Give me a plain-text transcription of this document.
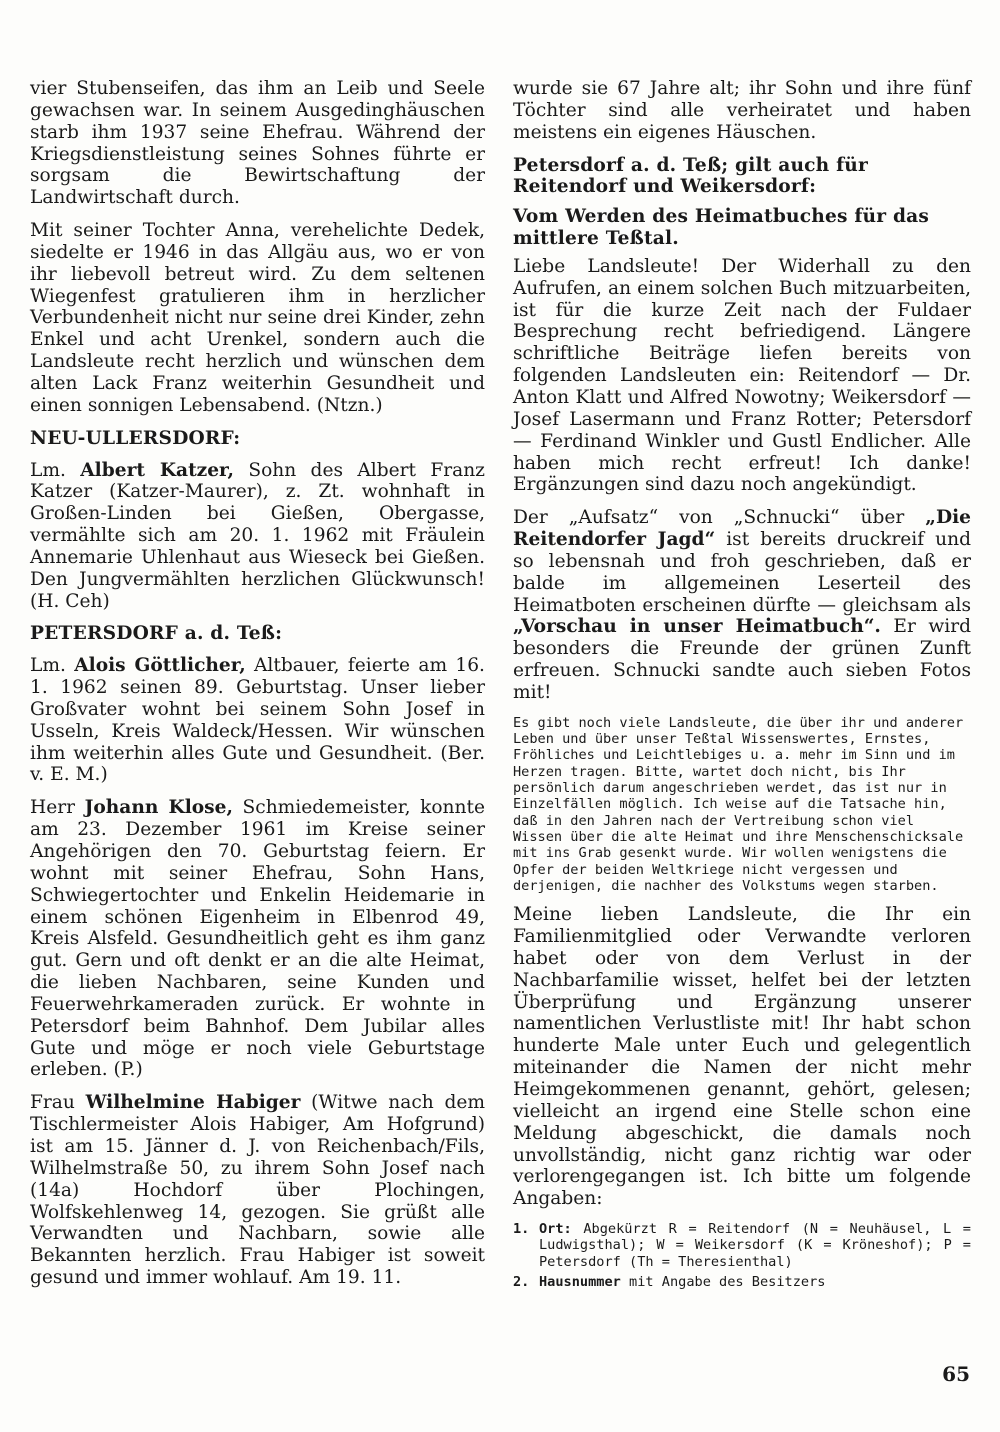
vier Stubenseifen, das ihm an Leib und Seele gewachsen war. In seinem Ausgedinghäuschen starb ihm 1937 seine Ehefrau. Während der Kriegsdienstleistung seines Sohnes führte er sorgsam die Bewirtschaftung der Landwirtschaft durch.

Mit seiner Tochter Anna, verehelichte Dedek, siedelte er 1946 in das Allgäu aus, wo er von ihr liebevoll betreut wird. Zu dem seltenen Wiegenfest gratulieren ihm in herzlicher Verbundenheit nicht nur seine drei Kinder, zehn Enkel und acht Urenkel, sondern auch die Landsleute recht herzlich und wünschen dem alten Lack Franz weiterhin Gesundheit und einen sonnigen Lebensabend. (Ntzn.)

NEU-ULLERSDORF:

Lm. Albert Katzer, Sohn des Albert Franz Katzer (Katzer-Maurer), z. Zt. wohnhaft in Großen-Linden bei Gießen, Obergasse, vermählte sich am 20. 1. 1962 mit Fräulein Annemarie Uhlenhaut aus Wieseck bei Gießen. Den Jungvermählten herzlichen Glückwunsch! (H. Ceh)

PETERSDORF a. d. Teß:

Lm. Alois Göttlicher, Altbauer, feierte am 16. 1. 1962 seinen 89. Geburtstag. Unser lieber Großvater wohnt bei seinem Sohn Josef in Usseln, Kreis Waldeck/Hessen. Wir wünschen ihm weiterhin alles Gute und Gesundheit. (Ber. v. E. M.)

Herr Johann Klose, Schmiedemeister, konnte am 23. Dezember 1961 im Kreise seiner Angehörigen den 70. Geburtstag feiern. Er wohnt mit seiner Ehefrau, Sohn Hans, Schwiegertochter und Enkelin Heidemarie in einem schönen Eigenheim in Elbenrod 49, Kreis Alsfeld. Gesundheitlich geht es ihm ganz gut. Gern und oft denkt er an die alte Heimat, die lieben Nachbaren, seine Kunden und Feuerwehrkameraden zurück. Er wohnte in Petersdorf beim Bahnhof. Dem Jubilar alles Gute und möge er noch viele Geburtstage erleben. (P.)

Frau Wilhelmine Habiger (Witwe nach dem Tischlermeister Alois Habiger, Am Hofgrund) ist am 15. Jänner d. J. von Reichenbach/Fils, Wilhelmstraße 50, zu ihrem Sohn Josef nach (14a) Hochdorf über Plochingen, Wolfskehlenweg 14, gezogen. Sie grüßt alle Verwandten und Nachbarn, sowie alle Bekannten herzlich. Frau Habiger ist soweit gesund und immer wohlauf. Am 19. 11.

wurde sie 67 Jahre alt; ihr Sohn und ihre fünf Töchter sind alle verheiratet und haben meistens ein eigenes Häuschen.

Petersdorf a. d. Teß; gilt auch für Reitendorf und Weikersdorf:
Vom Werden des Heimatbuches für das mittlere Teßtal.

Liebe Landsleute! Der Widerhall zu den Aufrufen, an einem solchen Buch mitzuarbeiten, ist für die kurze Zeit nach der Fuldaer Besprechung recht befriedigend. Längere schriftliche Beiträge liefen bereits von folgenden Landsleuten ein: Reitendorf — Dr. Anton Klatt und Alfred Nowotny; Weikersdorf — Josef Lasermann und Franz Rotter; Petersdorf — Ferdinand Winkler und Gustl Endlicher. Alle haben mich recht erfreut! Ich danke! Ergänzungen sind dazu noch angekündigt.

Der „Aufsatz“ von „Schnucki“ über „Die Reitendorfer Jagd“ ist bereits druckreif und so lebensnah und froh geschrieben, daß er balde im allgemeinen Leserteil des Heimatboten erscheinen dürfte — gleichsam als „Vorschau in unser Heimatbuch“. Er wird besonders die Freunde der grünen Zunft erfreuen. Schnucki sandte auch sieben Fotos mit!

Es gibt noch viele Landsleute, die über ihr und anderer Leben und über unser Teßtal Wissenswertes, Ernstes, Fröhliches und Leichtlebiges u. a. mehr im Sinn und im Herzen tragen. Bitte, wartet doch nicht, bis Ihr persönlich darum angeschrieben werdet, das ist nur in Einzelfällen möglich. Ich weise auf die Tatsache hin, daß in den Jahren nach der Vertreibung schon viel Wissen über die alte Heimat und ihre Menschenschicksale mit ins Grab gesenkt wurde. Wir wollen wenigstens die Opfer der beiden Weltkriege nicht vergessen und derjenigen, die nachher des Volkstums wegen starben.

Meine lieben Landsleute, die Ihr ein Familienmitglied oder Verwandte verloren habet oder von dem Verlust in der Nachbarfamilie wisset, helfet bei der letzten Überprüfung und Ergänzung unserer namentlichen Verlustliste mit! Ihr habt schon hunderte Male unter Euch und gelegentlich miteinander die Namen der nicht mehr Heimgekommenen genannt, gehört, gelesen; vielleicht an irgend eine Stelle schon eine Meldung abgeschickt, die damals noch unvollständig, nicht ganz richtig war oder verlorengegangen ist. Ich bitte um folgende Angaben:

1. Ort: Abgekürzt R = Reitendorf (N = Neuhäusel, L = Ludwigsthal); W = Weikersdorf (K = Kröneshof); P = Petersdorf (Th = Theresienthal)
2. Hausnummer mit Angabe des Besitzers
65
